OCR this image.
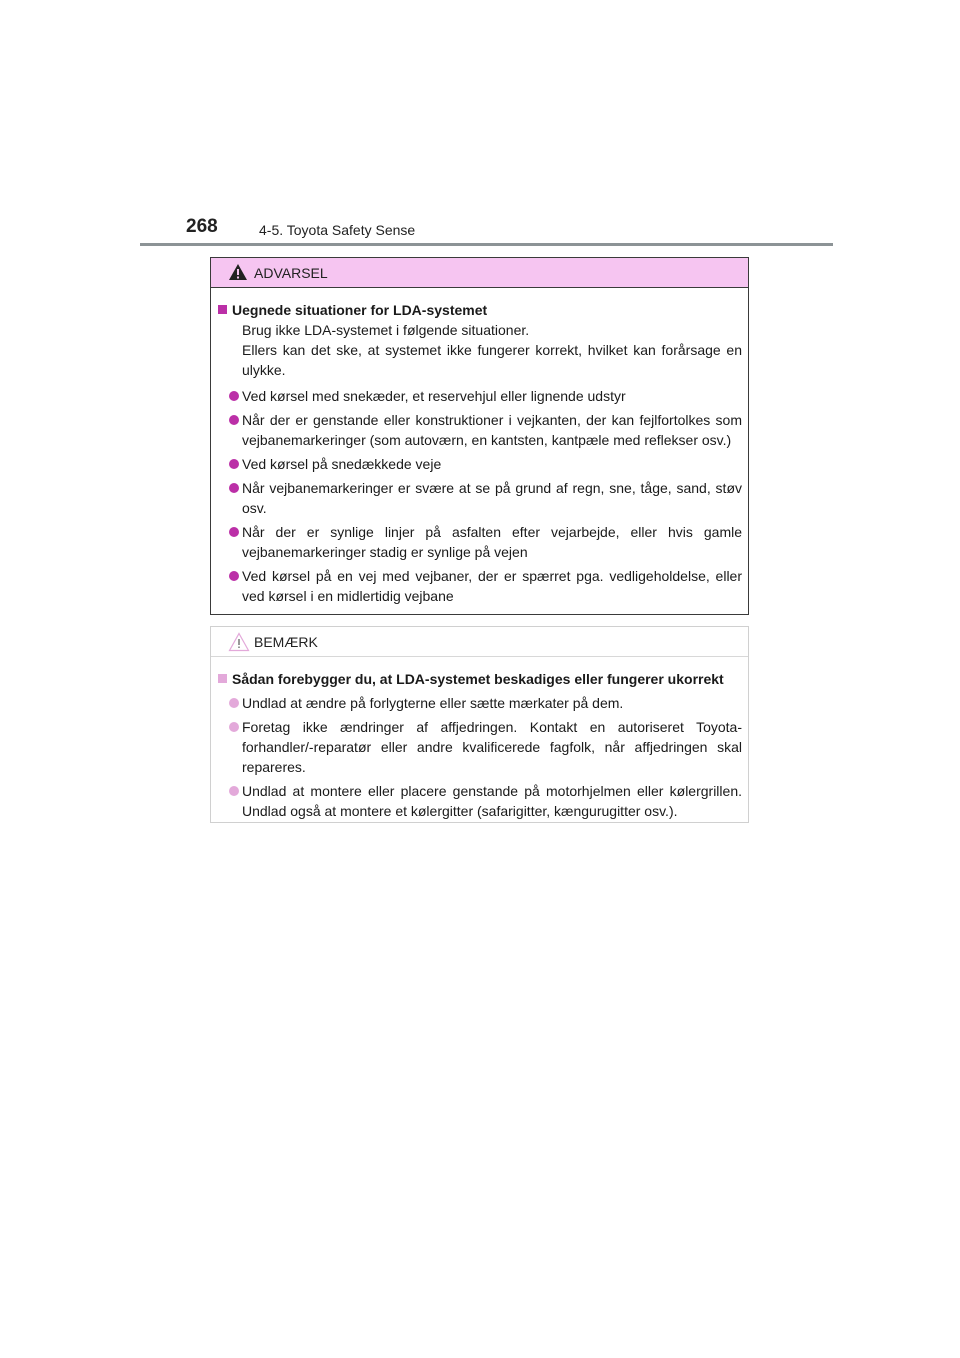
268	4-5. Toyota Safety Sense
ADVARSEL

Uegnede situationer for LDA-systemet

Brug ikke LDA-systemet i følgende situationer.

Ellers kan det ske, at systemet ikke fungerer korrekt, hvilket kan forårsage en ulykke.

Ved kørsel med snekæder, et reservehjul eller lignende udstyr
Når der er genstande eller konstruktioner i vejkanten, der kan fejlfortolkes som vejbanemarkeringer (som autoværn, en kantsten, kantpæle med reflekser osv.)
Ved kørsel på snedækkede veje
Når vejbanemarkeringer er svære at se på grund af regn, sne, tåge, sand, støv osv.
Når der er synlige linjer på asfalten efter vejarbejde, eller hvis gamle vejbanemarkeringer stadig er synlige på vejen
Ved kørsel på en vej med vejbaner, der er spærret pga. vedligeholdelse, eller ved kørsel i en midlertidig vejbane
BEMÆRK

Sådan forebygger du, at LDA-systemet beskadiges eller fungerer ukorrekt

Undlad at ændre på forlygterne eller sætte mærkater på dem.
Foretag ikke ændringer af affjedringen. Kontakt en autoriseret Toyota-forhandler/-reparatør eller andre kvalificerede fagfolk, når affjedringen skal repareres.
Undlad at montere eller placere genstande på motorhjelmen eller kølergrillen. Undlad også at montere et kølergitter (safarigitter, kængurugitter osv.).
